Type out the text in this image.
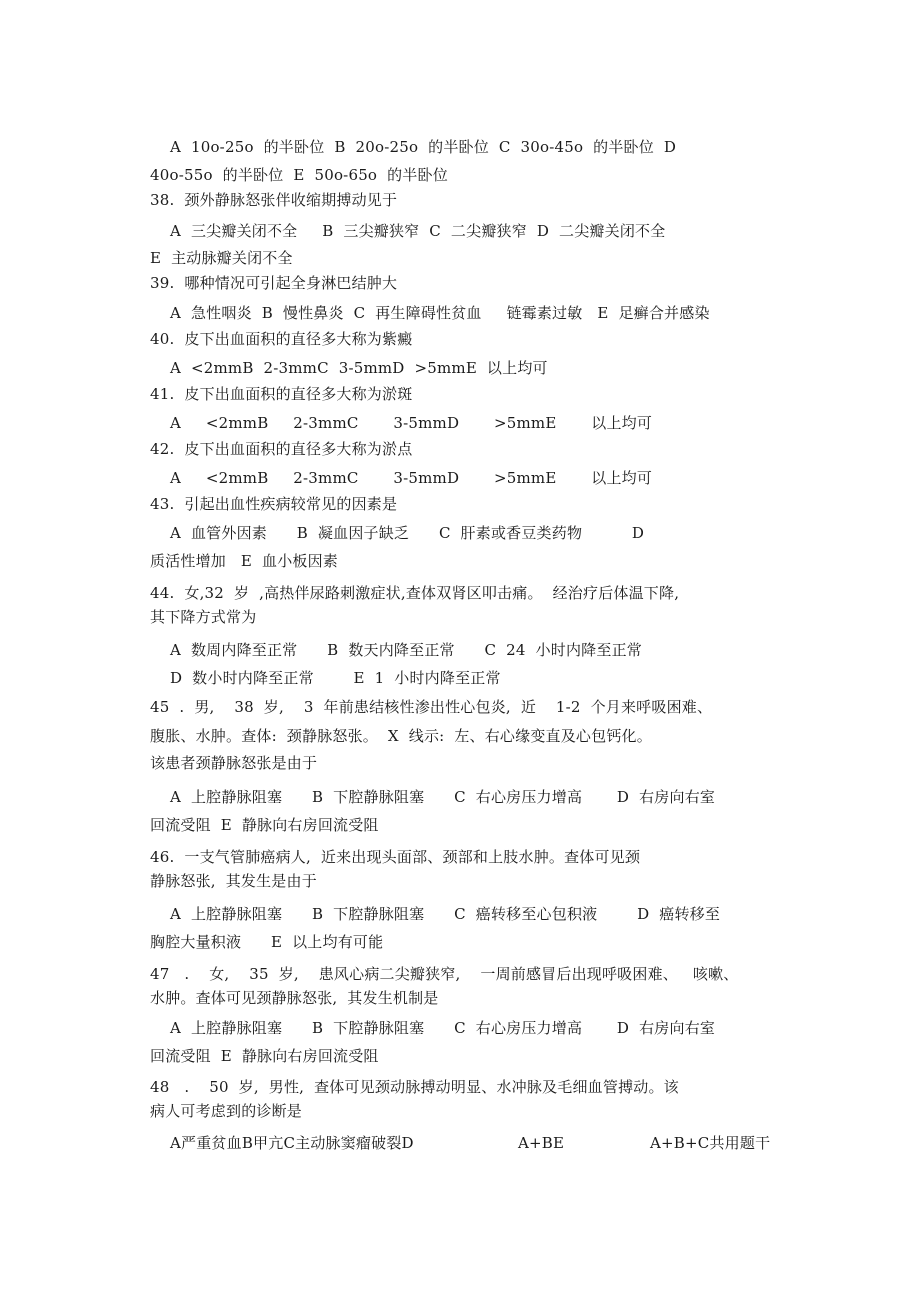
A  10o-25o  的半卧位  B  20o-25o  的半卧位  C  30o-45o  的半卧位  D
40o-55o  的半卧位  E  50o-65o  的半卧位
38.  颈外静脉怒张伴收缩期搏动见于
A  三尖瓣关闭不全     B  三尖瓣狭窄  C  二尖瓣狭窄  D  二尖瓣关闭不全
E  主动脉瓣关闭不全
39.  哪种情况可引起全身淋巴结肿大
A  急性咽炎  B  慢性鼻炎  C  再生障碍性贫血     链霉素过敏   E  足癣合并感染
40.  皮下出血面积的直径多大称为紫癜
A  <2mmB  2-3mmC  3-5mmD  >5mmE  以上均可
41.  皮下出血面积的直径多大称为淤斑
A     <2mmB     2-3mmC       3-5mmD       >5mmE       以上均可
42.  皮下出血面积的直径多大称为淤点
A     <2mmB     2-3mmC       3-5mmD       >5mmE       以上均可
43.  引起出血性疾病较常见的因素是
A  血管外因素      B  凝血因子缺乏      C  肝素或香豆类药物          D
质活性增加   E  血小板因素
44.  女,32  岁  ,高热伴尿路刺激症状,查体双肾区叩击痛。  经治疗后体温下降,
其下降方式常为
A  数周内降至正常      B  数天内降至正常      C  24  小时内降至正常
D  数小时内降至正常        E  1  小时内降至正常
45  .  男,    38  岁,    3  年前患结核性渗出性心包炎,  近    1-2  个月来呼吸困难、
腹胀、水肿。查体:  颈静脉怒张。  X  线示:  左、右心缘变直及心包钙化。
该患者颈静脉怒张是由于
A  上腔静脉阻塞      B  下腔静脉阻塞      C  右心房压力增高       D  右房向右室
回流受阻  E  静脉向右房回流受阻
46.  一支气管肺癌病人,  近来出现头面部、颈部和上肢水肿。查体可见颈
静脉怒张,  其发生是由于
A  上腔静脉阻塞      B  下腔静脉阻塞      C  癌转移至心包积液        D  癌转移至
胸腔大量积液      E  以上均有可能
47   .    女,    35  岁,    患风心病二尖瓣狭窄,    一周前感冒后出现呼吸困难、   咳嗽、
水肿。查体可见颈静脉怒张,  其发生机制是
A  上腔静脉阻塞      B  下腔静脉阻塞      C  右心房压力增高       D  右房向右室
回流受阻  E  静脉向右房回流受阻
48   .    50  岁,  男性,  查体可见颈动脉搏动明显、水冲脉及毛细血管搏动。该
病人可考虑到的诊断是

A严重贫血B甲亢C主动脉窦瘤破裂D

	A+BE

	A+B+C共用题干
